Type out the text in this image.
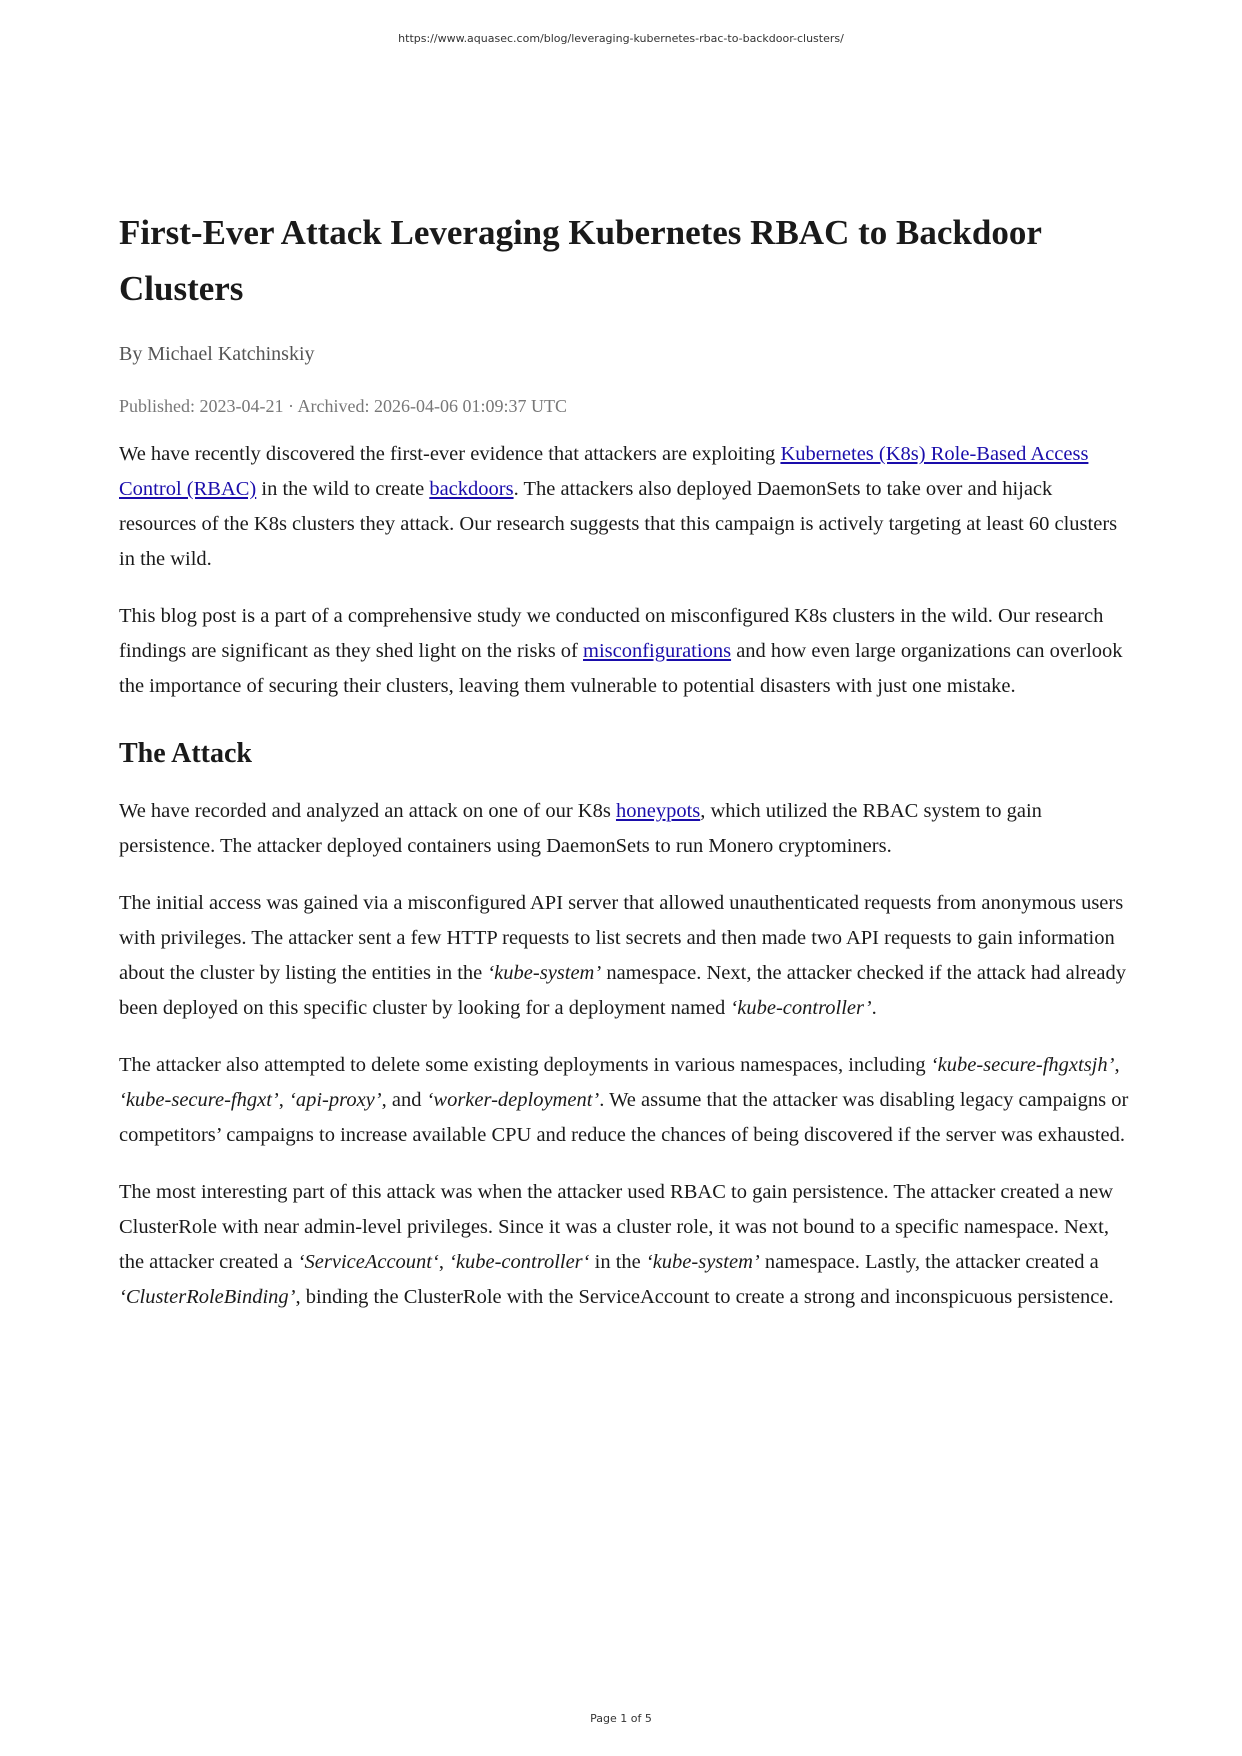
https://www.aquasec.com/blog/leveraging-kubernetes-rbac-to-backdoor-clusters/
First-Ever Attack Leveraging Kubernetes RBAC to Backdoor Clusters
By Michael Katchinskiy
Published: 2023-04-21 · Archived: 2026-04-06 01:09:37 UTC

We have recently discovered the first-ever evidence that attackers are exploiting Kubernetes (K8s) Role-Based Access Control (RBAC) in the wild to create backdoors. The attackers also deployed DaemonSets to take over and hijack resources of the K8s clusters they attack. Our research suggests that this campaign is actively targeting at least 60 clusters in the wild.

This blog post is a part of a comprehensive study we conducted on misconfigured K8s clusters in the wild. Our research findings are significant as they shed light on the risks of misconfigurations and how even large organizations can overlook the importance of securing their clusters, leaving them vulnerable to potential disasters with just one mistake.

The Attack

We have recorded and analyzed an attack on one of our K8s honeypots, which utilized the RBAC system to gain persistence. The attacker deployed containers using DaemonSets to run Monero cryptominers.

The initial access was gained via a misconfigured API server that allowed unauthenticated requests from anonymous users with privileges. The attacker sent a few HTTP requests to list secrets and then made two API requests to gain information about the cluster by listing the entities in the ‘kube-system’ namespace. Next, the attacker checked if the attack had already been deployed on this specific cluster by looking for a deployment named ‘kube-controller’.

The attacker also attempted to delete some existing deployments in various namespaces, including ‘kube-secure-fhgxtsjh’, ‘kube-secure-fhgxt’, ‘api-proxy’, and ‘worker-deployment’. We assume that the attacker was disabling legacy campaigns or competitors’ campaigns to increase available CPU and reduce the chances of being discovered if the server was exhausted.

The most interesting part of this attack was when the attacker used RBAC to gain persistence. The attacker created a new ClusterRole with near admin-level privileges. Since it was a cluster role, it was not bound to a specific namespace. Next, the attacker created a ‘ServiceAccount‘, ‘kube-controller‘ in the ‘kube-system’ namespace. Lastly, the attacker created a ‘ClusterRoleBinding’, binding the ClusterRole with the ServiceAccount to create a strong and inconspicuous persistence.

Page 1 of 5
